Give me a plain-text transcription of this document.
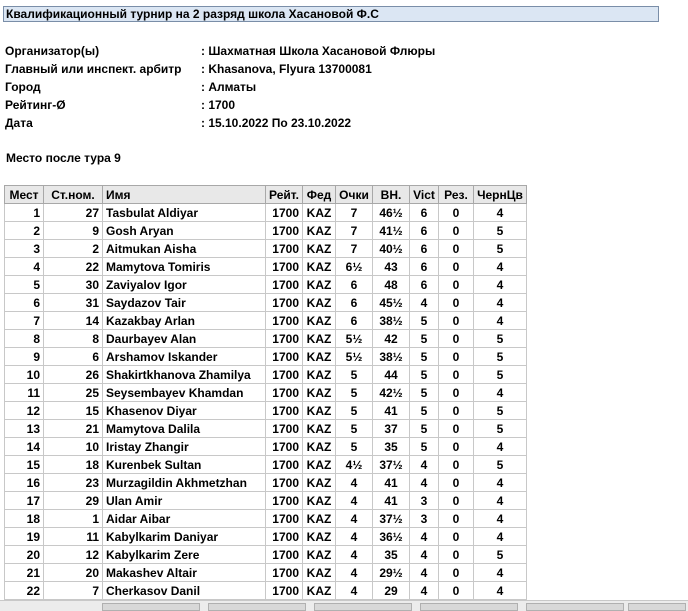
Квалификационный турнир на 2 разряд школа Хасановой Ф.С
Организатор(ы)	: Шахматная Школа Хасановой Флюры
Главный или инспект. арбитр : Khasanova, Flyura 13700081
Город	: Алматы
Рейтинг-Ø	: 1700
Дата	: 15.10.2022 По 23.10.2022
Место после тура 9
Мест	Ст.ном.	Имя	Рейт.	Фед	Очки	ВН.	Vict	Рез.	ЧернЦв
1	27	Tasbulat Aldiyar	1700	KAZ	7	46½	6	0	4
2	9	Gosh Aryan	1700	KAZ	7	41½	6	0	5
3	2	Aitmukan Aisha	1700	KAZ	7	40½	6	0	5
4	22	Mamytova Tomiris	1700	KAZ	6½	43	6	0	4
5	30	Zaviyalov Igor	1700	KAZ	6	48	6	0	4
6	31	Saydazov Tair	1700	KAZ	6	45½	4	0	4
7	14	Kazakbay Arlan	1700	KAZ	6	38½	5	0	4
8	8	Daurbayev Alan	1700	KAZ	5½	42	5	0	5
9	6	Arshamov Iskander	1700	KAZ	5½	38½	5	0	5
10	26	Shakirtkhanova Zhamilya	1700	KAZ	5	44	5	0	5
11	25	Seysembayev Khamdan	1700	KAZ	5	42½	5	0	4
12	15	Khasenov Diyar	1700	KAZ	5	41	5	0	5
13	21	Mamytova Dalila	1700	KAZ	5	37	5	0	5
14	10	Iristay Zhangir	1700	KAZ	5	35	5	0	4
15	18	Kurenbek Sultan	1700	KAZ	4½	37½	4	0	5
16	23	Murzagildin Akhmetzhan	1700	KAZ	4	41	4	0	4
17	29	Ulan Amir	1700	KAZ	4	41	3	0	4
18	1	Aidar Aibar	1700	KAZ	4	37½	3	0	4
19	11	Kabylkarim Daniyar	1700	KAZ	4	36½	4	0	4
20	12	Kabylkarim Zere	1700	KAZ	4	35	4	0	5
21	20	Makashev Altair	1700	KAZ	4	29½	4	0	4
22	7	Cherkasov Danil	1700	KAZ	4	29	4	0	4
